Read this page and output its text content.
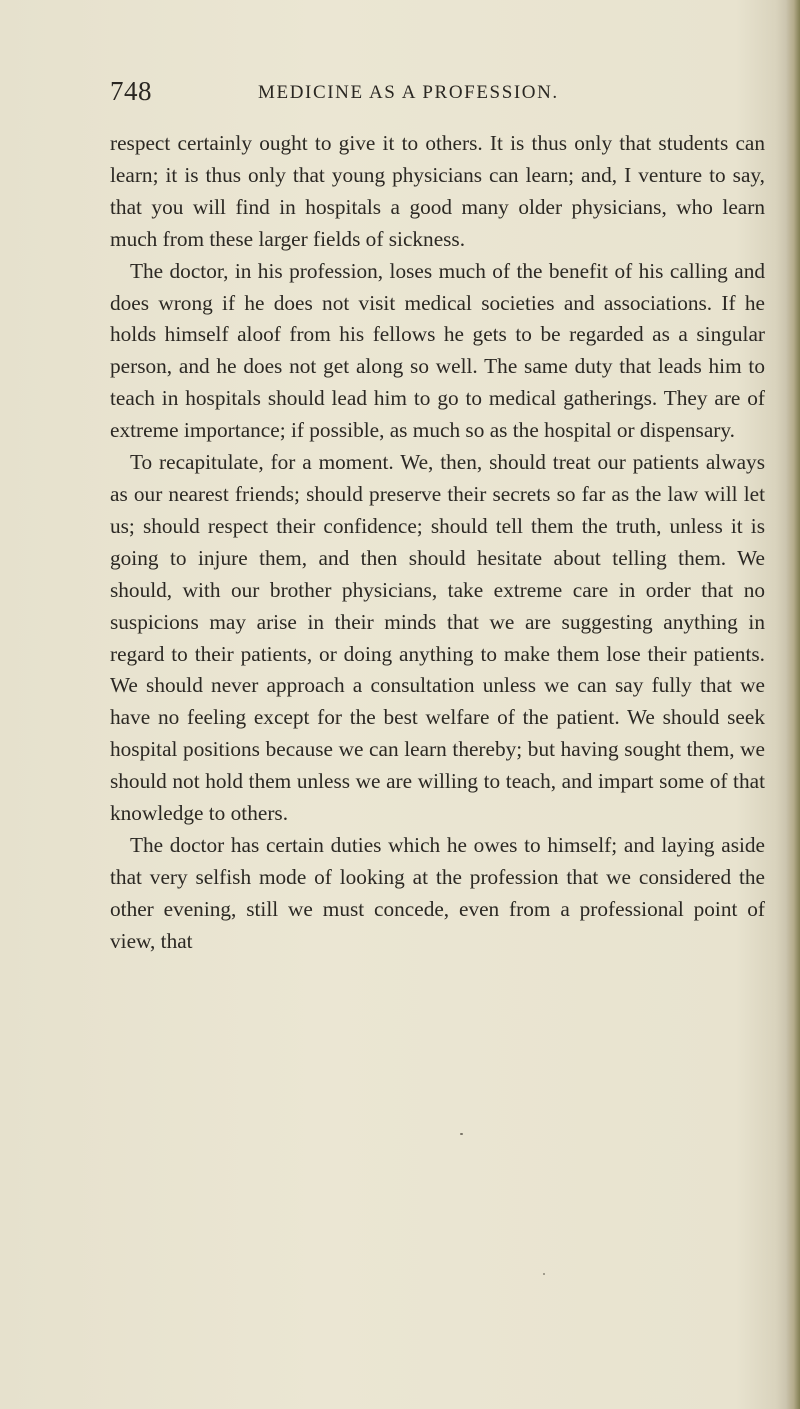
748	MEDICINE AS A PROFESSION.

respect certainly ought to give it to others. It is thus only that students can learn; it is thus only that young physicians can learn; and, I venture to say, that you will find in hospitals a good many older physicians, who learn much from these larger fields of sickness.

The doctor, in his profession, loses much of the benefit of his calling and does wrong if he does not visit medical societies and associations. If he holds himself aloof from his fellows he gets to be regarded as a singular person, and he does not get along so well. The same duty that leads him to teach in hospitals should lead him to go to medical gatherings. They are of extreme importance; if possible, as much so as the hospital or dispensary.

To recapitulate, for a moment. We, then, should treat our patients always as our nearest friends; should preserve their secrets so far as the law will let us; should respect their confidence; should tell them the truth, unless it is going to injure them, and then should hesitate about telling them. We should, with our brother physicians, take extreme care in order that no suspicions may arise in their minds that we are suggesting anything in regard to their patients, or doing anything to make them lose their patients. We should never approach a consultation unless we can say fully that we have no feeling except for the best welfare of the patient. We should seek hospital positions because we can learn thereby; but having sought them, we should not hold them unless we are willing to teach, and impart some of that knowledge to others.

The doctor has certain duties which he owes to himself; and laying aside that very selfish mode of looking at the profession that we considered the other evening, still we must concede, even from a professional point of view, that
